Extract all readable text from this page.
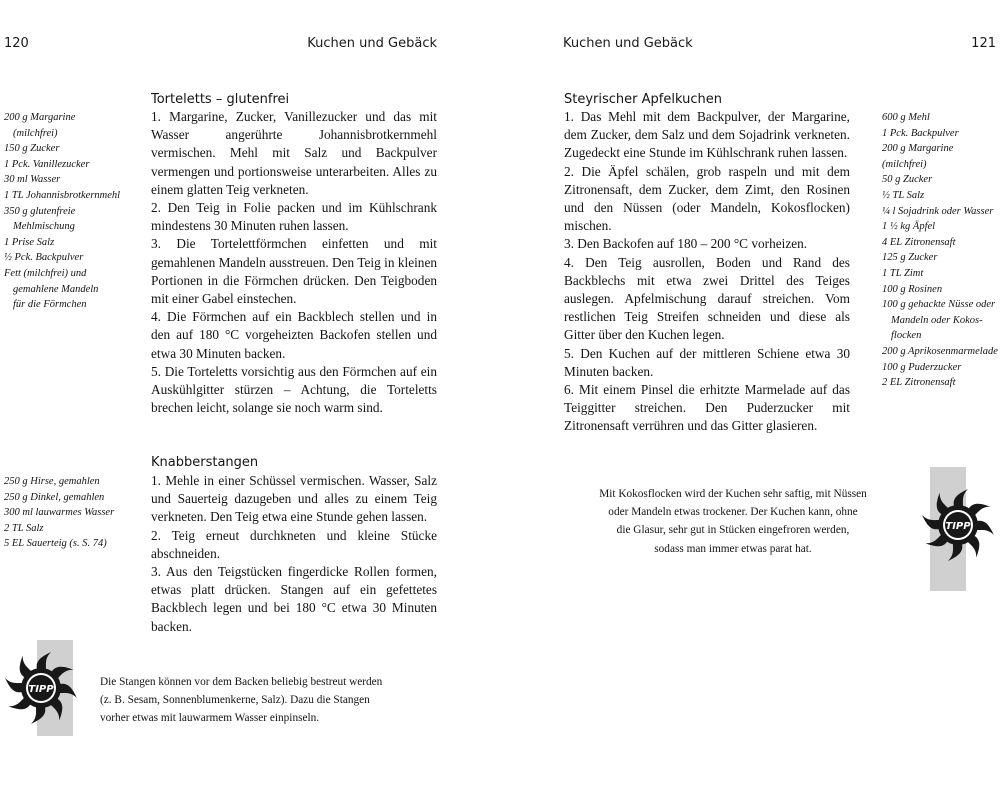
120	Kuchen und Gebäck
Torteletts – glutenfrei
200 g Margarine
(milchfrei)
150 g Zucker
1 Pck. Vanillezucker
30 ml Wasser
1 TL Johannisbrotkernmehl
350 g glutenfreie
Mehlmischung
1 Prise Salz
½ Pck. Backpulver
Fett (milchfrei) und
gemahlene Mandeln
für die Förmchen
1. Margarine, Zucker, Vanillezucker und das mit Wasser angerührte Johannisbrotkernmehl vermischen. Mehl mit Salz und Backpulver vermengen und portionsweise unterarbeiten. Alles zu einem glatten Teig verkneten.
2. Den Teig in Folie packen und im Kühlschrank mindestens 30 Minuten ruhen lassen.
3. Die Tortelettförmchen einfetten und mit gemahlenen Mandeln ausstreuen. Den Teig in kleinen Portionen in die Förmchen drücken. Den Teigboden mit einer Gabel einstechen.
4. Die Förmchen auf ein Backblech stellen und in den auf 180 °C vorgeheizten Backofen stellen und etwa 30 Minuten backen.
5. Die Torteletts vorsichtig aus den Förmchen auf ein Auskühlgitter stürzen – Achtung, die Torteletts brechen leicht, solange sie noch warm sind.
Knabberstangen
250 g Hirse, gemahlen
250 g Dinkel, gemahlen
300 ml lauwarmes Wasser
2 TL Salz
5 EL Sauerteig (s. S. 74)
1. Mehle in einer Schüssel vermischen. Wasser, Salz und Sauerteig dazugeben und alles zu einem Teig verkneten. Den Teig etwa eine Stunde gehen lassen.
2. Teig erneut durchkneten und kleine Stücke abschneiden.
3. Aus den Teigstücken fingerdicke Rollen formen, etwas platt drücken. Stangen auf ein gefettetes Backblech legen und bei 180 °C etwa 30 Minuten backen.
TIPP
Die Stangen können vor dem Backen beliebig bestreut werden
(z. B. Sesam, Sonnenblumenkerne, Salz). Dazu die Stangen
vorher etwas mit lauwarmem Wasser einpinseln.
Kuchen und Gebäck	121
Steyrischer Apfelkuchen
1. Das Mehl mit dem Backpulver, der Margarine, dem Zucker, dem Salz und dem Sojadrink verkneten. Zugedeckt eine Stunde im Kühlschrank ruhen lassen.
2. Die Äpfel schälen, grob raspeln und mit dem Zitronensaft, dem Zucker, dem Zimt, den Rosinen und den Nüssen (oder Mandeln, Kokosflocken) mischen.
3. Den Backofen auf 180 – 200 °C vorheizen.
4. Den Teig ausrollen, Boden und Rand des Backblechs mit etwa zwei Drittel des Teiges auslegen. Apfelmischung darauf streichen. Vom restlichen Teig Streifen schneiden und diese als Gitter über den Kuchen legen.
5. Den Kuchen auf der mittleren Schiene etwa 30 Minuten backen.
6. Mit einem Pinsel die erhitzte Marmelade auf das Teiggitter streichen. Den Puderzucker mit Zitronensaft verrühren und das Gitter glasieren.
600 g Mehl
1 Pck. Backpulver
200 g Margarine (milchfrei)
50 g Zucker
½ TL Salz
¼ l Sojadrink oder Wasser
1 ½ kg Äpfel
4 EL Zitronensaft
125 g Zucker
1 TL Zimt
100 g Rosinen
100 g gehackte Nüsse oder
Mandeln oder Kokos-
flocken
200 g Aprikosenmarmelade
100 g Puderzucker
2 EL Zitronensaft
Mit Kokosflocken wird der Kuchen sehr saftig, mit Nüssen
oder Mandeln etwas trockener. Der Kuchen kann, ohne
die Glasur, sehr gut in Stücken eingefroren werden,
sodass man immer etwas parat hat.
TIPP
